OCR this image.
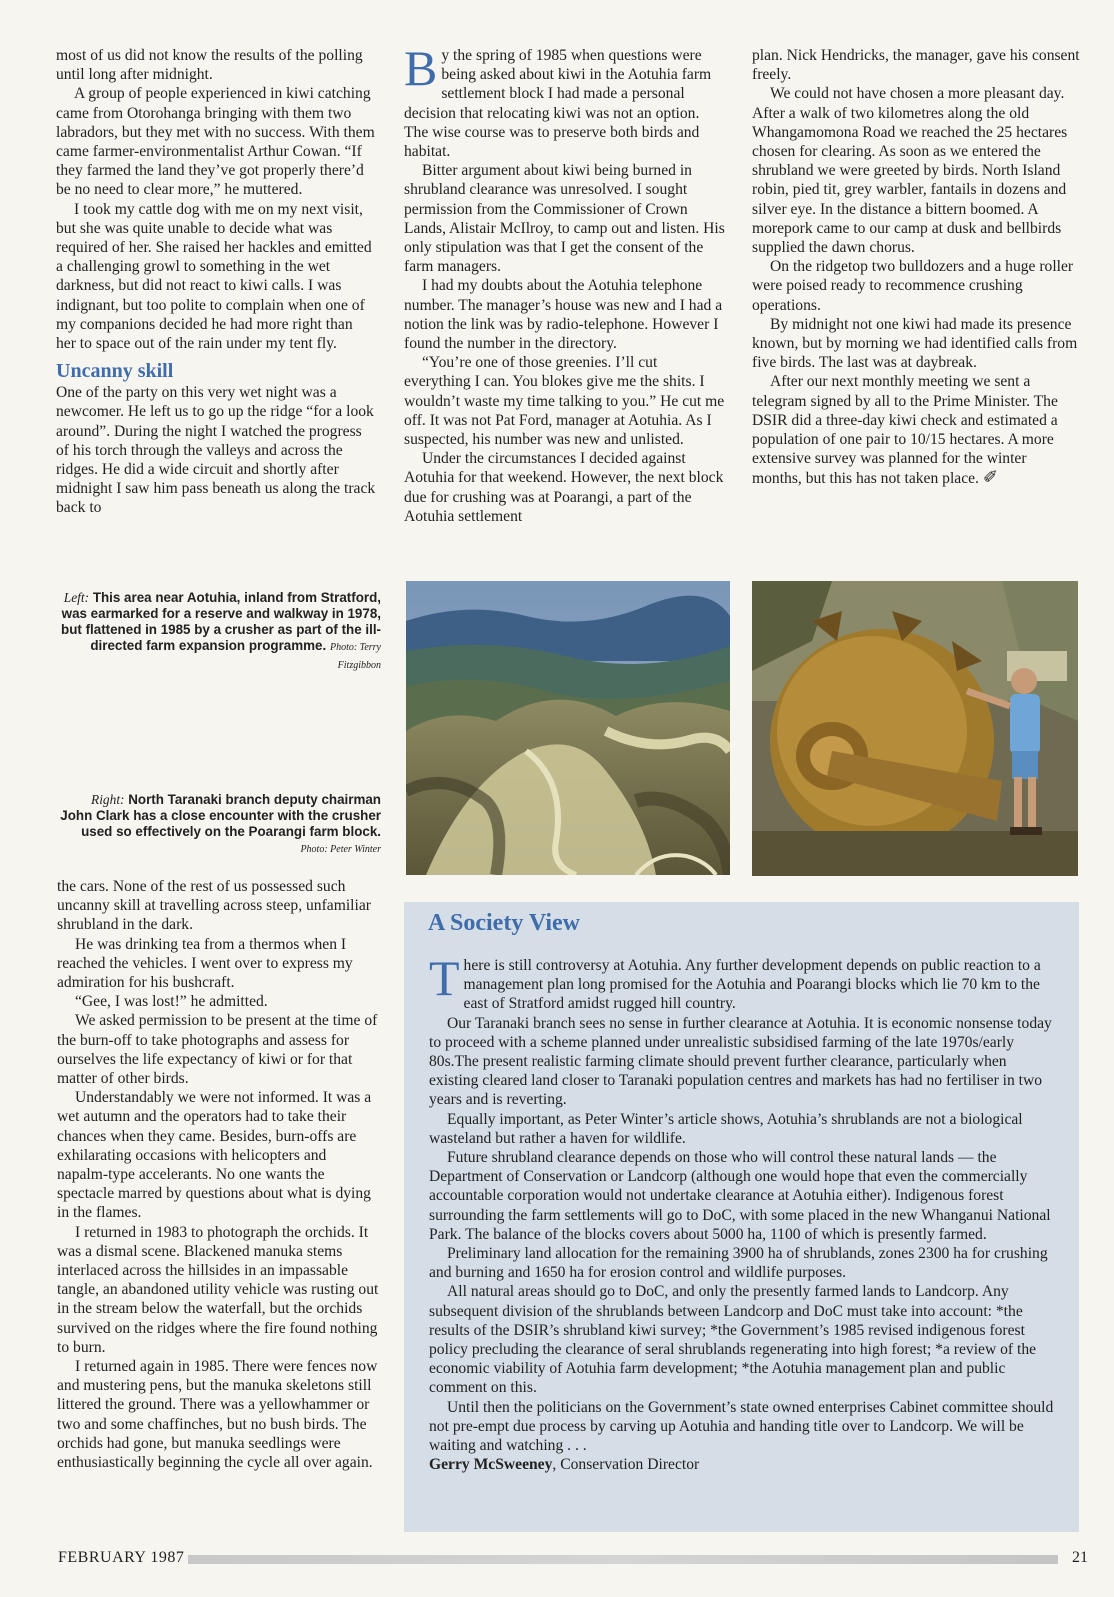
most of us did not know the results of the polling until long after midnight.

A group of people experienced in kiwi catching came from Otorohanga bringing with them two labradors, but they met with no success. With them came farmer-environmentalist Arthur Cowan. “If they farmed the land they’ve got properly there’d be no need to clear more,” he muttered.

I took my cattle dog with me on my next visit, but she was quite unable to decide what was required of her. She raised her hackles and emitted a challenging growl to something in the wet darkness, but did not react to kiwi calls. I was indignant, but too polite to complain when one of my companions decided he had more right than her to space out of the rain under my tent fly.

Uncanny skill

One of the party on this very wet night was a newcomer. He left us to go up the ridge “for a look around”. During the night I watched the progress of his torch through the valleys and across the ridges. He did a wide circuit and shortly after midnight I saw him pass beneath us along the track back to

By the spring of 1985 when questions were being asked about kiwi in the Aotuhia farm settlement block I had made a personal decision that relocating kiwi was not an option. The wise course was to preserve both birds and habitat.

Bitter argument about kiwi being burned in shrubland clearance was unresolved. I sought permission from the Commissioner of Crown Lands, Alistair McIlroy, to camp out and listen. His only stipulation was that I get the consent of the farm managers.

I had my doubts about the Aotuhia telephone number. The manager’s house was new and I had a notion the link was by radio-telephone. However I found the number in the directory.

“You’re one of those greenies. I’ll cut everything I can. You blokes give me the shits. I wouldn’t waste my time talking to you.” He cut me off. It was not Pat Ford, manager at Aotuhia. As I suspected, his number was new and unlisted.

Under the circumstances I decided against Aotuhia for that weekend. However, the next block due for crushing was at Poarangi, a part of the Aotuhia settlement

plan. Nick Hendricks, the manager, gave his consent freely.

We could not have chosen a more pleasant day. After a walk of two kilometres along the old Whangamomona Road we reached the 25 hectares chosen for clearing. As soon as we entered the shrubland we were greeted by birds. North Island robin, pied tit, grey warbler, fantails in dozens and silver eye. In the distance a bittern boomed. A morepork came to our camp at dusk and bellbirds supplied the dawn chorus.

On the ridgetop two bulldozers and a huge roller were poised ready to recommence crushing operations.

By midnight not one kiwi had made its presence known, but by morning we had identified calls from five birds. The last was at daybreak.

After our next monthly meeting we sent a telegram signed by all to the Prime Minister. The DSIR did a three-day kiwi check and estimated a population of one pair to 10/15 hectares. A more extensive survey was planned for the winter months, but this has not taken place. ✐

Left: This area near Aotuhia, inland from Stratford, was earmarked for a reserve and walkway in 1978, but flattened in 1985 by a crusher as part of the ill-directed farm expansion programme. Photo: Terry Fitzgibbon
Right: North Taranaki branch deputy chairman John Clark has a close encounter with the crusher used so effectively on the Poarangi farm block. Photo: Peter Winter

the cars. None of the rest of us possessed such uncanny skill at travelling across steep, unfamiliar shrubland in the dark.

He was drinking tea from a thermos when I reached the vehicles. I went over to express my admiration for his bushcraft.

“Gee, I was lost!” he admitted.

We asked permission to be present at the time of the burn-off to take photographs and assess for ourselves the life expectancy of kiwi or for that matter of other birds.

Understandably we were not informed. It was a wet autumn and the operators had to take their chances when they came. Besides, burn-offs are exhilarating occasions with helicopters and napalm-type accelerants. No one wants the spectacle marred by questions about what is dying in the flames.

I returned in 1983 to photograph the orchids. It was a dismal scene. Blackened manuka stems interlaced across the hillsides in an impassable tangle, an abandoned utility vehicle was rusting out in the stream below the waterfall, but the orchids survived on the ridges where the fire found nothing to burn.

I returned again in 1985. There were fences now and mustering pens, but the manuka skeletons still littered the ground. There was a yellowhammer or two and some chaffinches, but no bush birds. The orchids had gone, but manuka seedlings were enthusiastically beginning the cycle all over again.

A Society View

There is still controversy at Aotuhia. Any further development depends on public reaction to a management plan long promised for the Aotuhia and Poarangi blocks which lie 70 km to the east of Stratford amidst rugged hill country.

Our Taranaki branch sees no sense in further clearance at Aotuhia. It is economic nonsense today to proceed with a scheme planned under unrealistic subsidised farming of the late 1970s/early 80s.The present realistic farming climate should prevent further clearance, particularly when existing cleared land closer to Taranaki population centres and markets has had no fertiliser in two years and is reverting.

Equally important, as Peter Winter’s article shows, Aotuhia’s shrublands are not a biological wasteland but rather a haven for wildlife.

Future shrubland clearance depends on those who will control these natural lands — the Department of Conservation or Landcorp (although one would hope that even the commercially accountable corporation would not undertake clearance at Aotuhia either). Indigenous forest surrounding the farm settlements will go to DoC, with some placed in the new Whanganui National Park. The balance of the blocks covers about 5000 ha, 1100 of which is presently farmed.

Preliminary land allocation for the remaining 3900 ha of shrublands, zones 2300 ha for crushing and burning and 1650 ha for erosion control and wildlife purposes.

All natural areas should go to DoC, and only the presently farmed lands to Landcorp. Any subsequent division of the shrublands between Landcorp and DoC must take into account: *the results of the DSIR’s shrubland kiwi survey; *the Government’s 1985 revised indigenous forest policy precluding the clearance of seral shrublands regenerating into high forest; *a review of the economic viability of Aotuhia farm development; *the Aotuhia management plan and public comment on this.

Until then the politicians on the Government’s state owned enterprises Cabinet committee should not pre-empt due process by carving up Aotuhia and handing title over to Landcorp. We will be waiting and watching . . .

Gerry McSweeney, Conservation Director

FEBRUARY 1987	21
